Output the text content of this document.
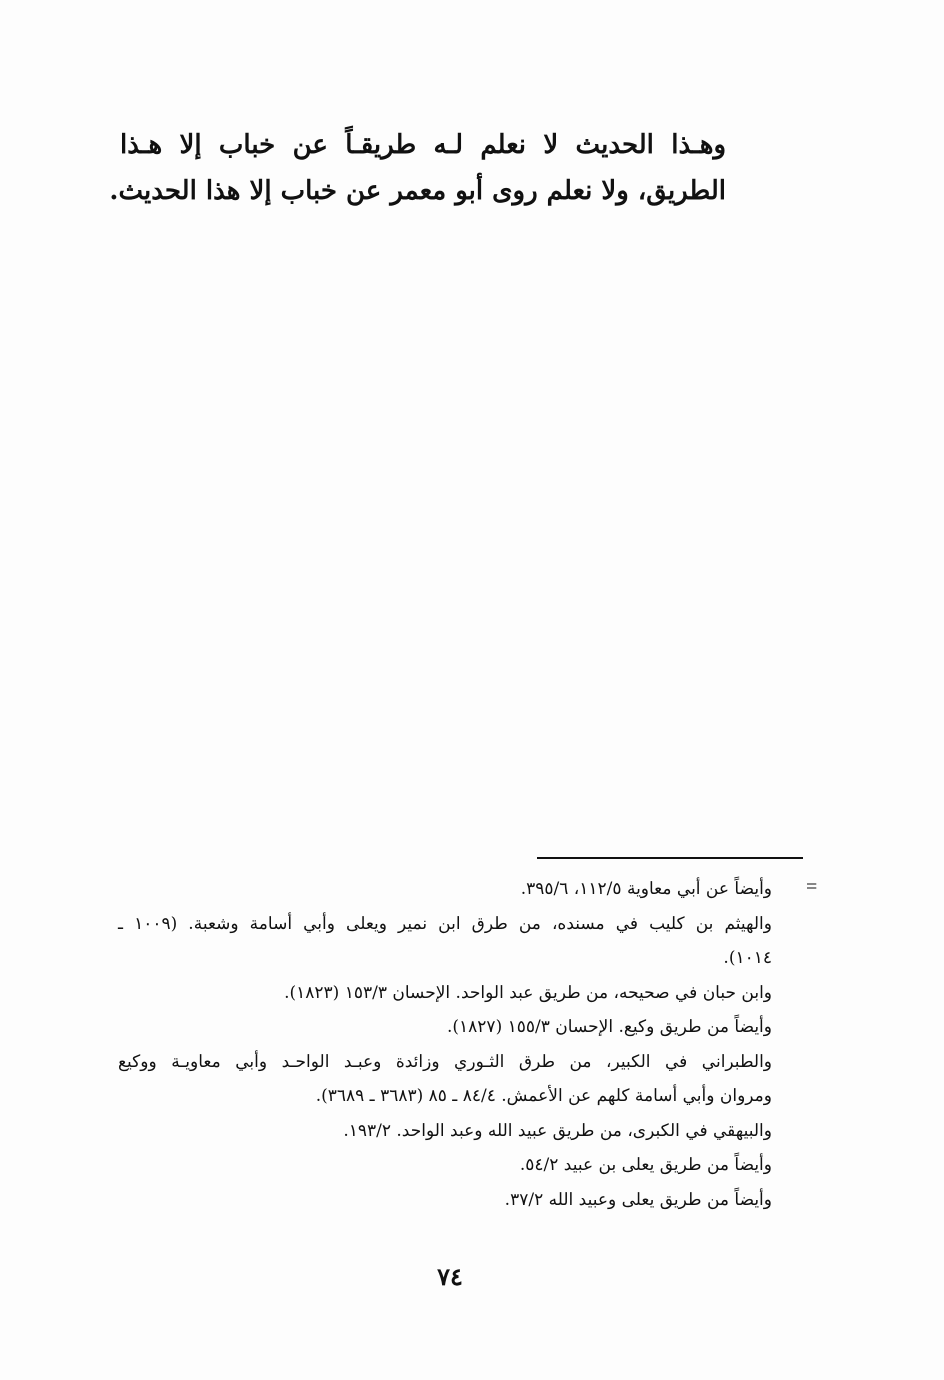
وهـذا الحديث لا نعلم لـه طريقـاً عن خباب إلا هـذا
الطريق، ولا نعلم روى أبو معمر عن خباب إلا هذا الحديث.
=
وأيضاً عن أبي معاوية ١١٢/٥، ٣٩٥/٦.
والهيثم بن كليب في مسنده، من طرق ابن نمير ويعلى وأبي أسامة وشعبة. (١٠٠٩ ـ
١٠١٤).
وابن حبان في صحيحه، من طريق عبد الواحد. الإحسان ١٥٣/٣ (١٨٢٣).
وأيضاً من طريق وكيع. الإحسان ١٥٥/٣ (١٨٢٧).
والطبراني في الكبير، من طرق الثـوري وزائدة وعبـد الواحـد وأبي معاويـة ووكيع
ومروان وأبي أسامة كلهم عن الأعمش. ٨٤/٤ ـ ٨٥ (٣٦٨٣ ـ ٣٦٨٩).
والبيهقي في الكبرى، من طريق عبيد الله وعبد الواحد. ١٩٣/٢.
وأيضاً من طريق يعلى بن عبيد ٥٤/٢.
وأيضاً من طريق يعلى وعبيد الله ٣٧/٢.
٧٤
